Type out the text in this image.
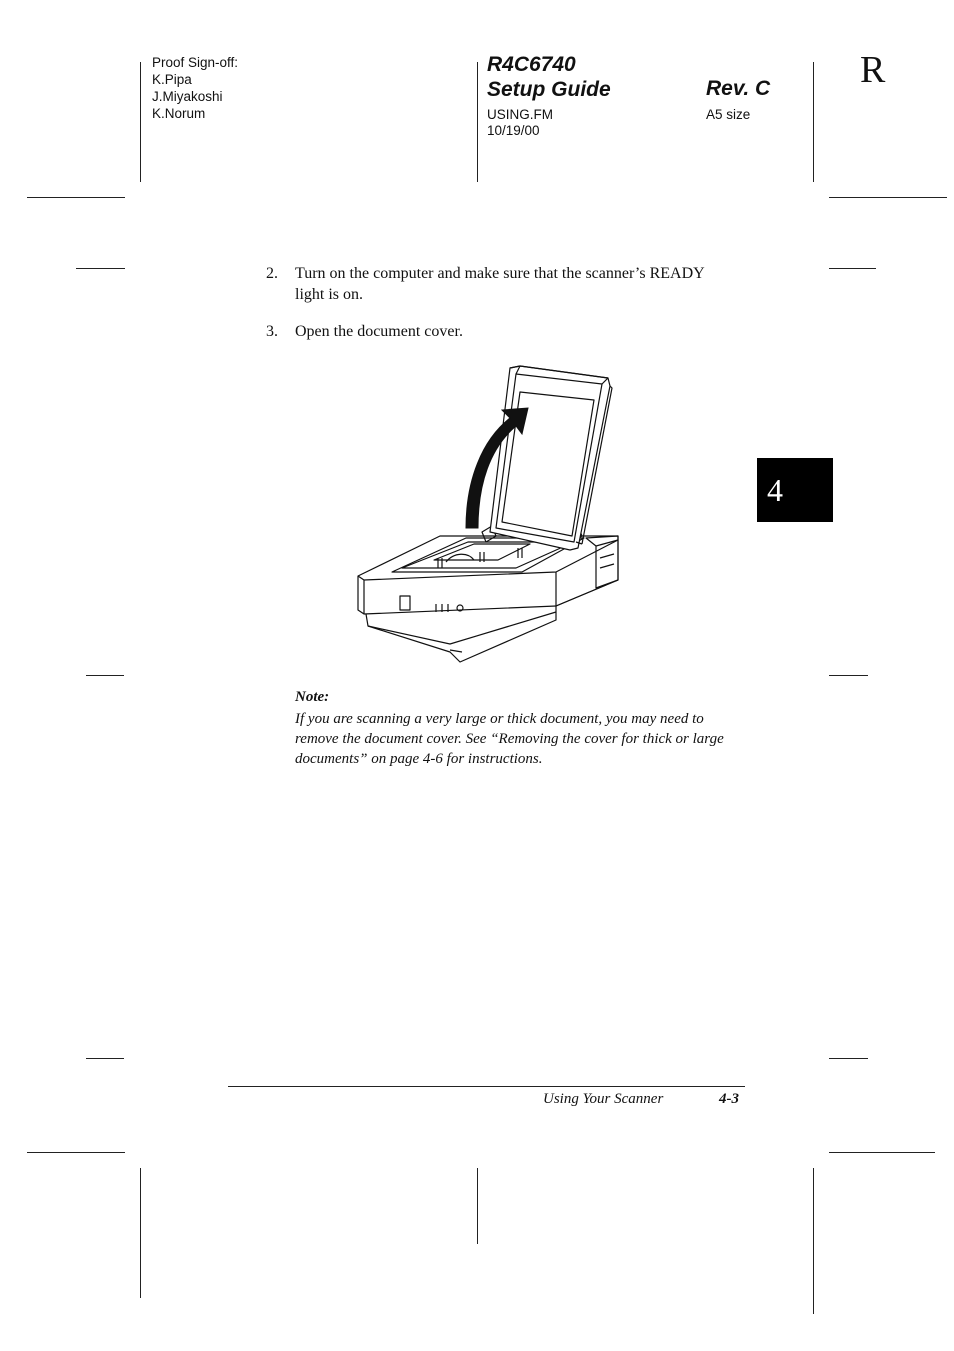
Proof Sign-off:
K.Pipa
J.Miyakoshi
K.Norum
R4C6740
Setup Guide	Rev. C
USING.FM
10/19/00
A5 size
R
4
2. Turn on the computer and make sure that the scanner’s READY light is on.
3. Open the document cover.
Note:
If you are scanning a very large or thick document, you may need to remove the document cover. See “Removing the cover for thick or large documents” on page 4-6 for instructions.
Using Your Scanner	4-3
